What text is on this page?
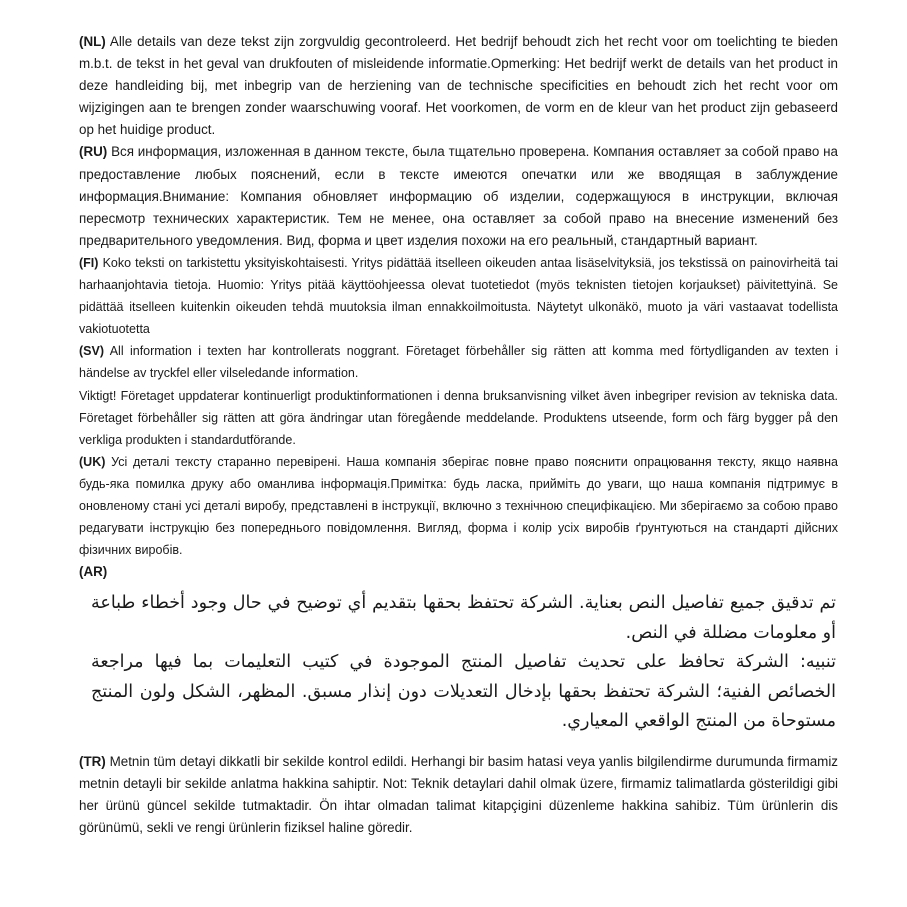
(NL) Alle details van deze tekst zijn zorgvuldig gecontroleerd. Het bedrijf behoudt zich het recht voor om toelichting te bieden m.b.t. de tekst in het geval van drukfouten of misleidende informatie.Opmerking: Het bedrijf werkt de details van het product in deze handleiding bij, met inbegrip van de herziening van de technische specificities en behoudt zich het recht voor om wijzigingen aan te brengen zonder waarschuwing vooraf. Het voorkomen, de vorm en de kleur van het product zijn gebaseerd op het huidige product.

(RU) Вся информация, изложенная в данном тексте, была тщательно проверена. Компания оставляет за собой право на предоставление любых пояснений, если в тексте имеются опечатки или же вводящая в заблуждение информация.Внимание: Компания обновляет информацию об изделии, содержащуюся в инструкции, включая пересмотр технических характеристик. Тем не менее, она оставляет за собой право на внесение изменений без предварительного уведомления. Вид, форма и цвет изделия похожи на его реальный, стандартный вариант.

(FI) Koko teksti on tarkistettu yksityiskohtaisesti. Yritys pidättää itselleen oikeuden antaa lisäselvityksiä, jos tekstissä on painovirheitä tai harhaanjohtavia tietoja. Huomio: Yritys pitää käyttöohjeessa olevat tuotetiedot (myös teknisten tietojen korjaukset) päivitettyinä. Se pidättää itselleen kuitenkin oikeuden tehdä muutoksia ilman ennakkoilmoitusta. Näytetyt ulkonäkö, muoto ja väri vastaavat todellista vakiotuotetta

(SV) All information i texten har kontrollerats noggrant. Företaget förbehåller sig rätten att komma med förtydliganden av texten i händelse av tryckfel eller vilseledande information.

Viktigt! Företaget uppdaterar kontinuerligt produktinformationen i denna bruksanvisning vilket även inbegriper revision av tekniska data. Företaget förbehåller sig rätten att göra ändringar utan föregående meddelande. Produktens utseende, form och färg bygger på den verkliga produkten i standardutförande.

(UK) Усі деталі тексту старанно перевірені. Наша компанія зберігає повне право пояснити опрацювання тексту, якщо наявна будь-яка помилка друку або оманлива інформація.Примітка: будь ласка, прийміть до уваги, що наша компанія підтримує в оновленому стані усі деталі виробу, представлені в інструкції, включно з технічною специфікацією. Ми зберігаємо за собою право редагувати інструкцію без попереднього повідомлення. Вигляд, форма і колір усіх виробів ґрунтуються на стандарті дійсних фізичних виробів.

(AR)

تم تدقيق جميع تفاصيل النص بعناية. الشركة تحتفظ بحقها بتقديم أي توضيح في حال وجود أخطاء طباعة أو معلومات مضللة في النص.

تنبيه: الشركة تحافظ على تحديث تفاصيل المنتج الموجودة في كتيب التعليمات بما فيها مراجعة الخصائص الفنية؛ الشركة تحتفظ بحقها بإدخال التعديلات دون إنذار مسبق. المظهر، الشكل ولون المنتج مستوحاة من المنتج الواقعي المعياري.

(TR) Metnin tüm detayi dikkatli bir sekilde kontrol edildi. Herhangi bir basim hatasi veya yanlis bilgilendirme durumunda firmamiz metnin detayli bir sekilde anlatma hakkina sahiptir. Not: Teknik detaylari dahil olmak üzere, firmamiz talimatlarda gösterildigi gibi her ürünü güncel sekilde tutmaktadir. Ön ihtar olmadan talimat kitapçigini düzenleme hakkina sahibiz. Tüm ürünlerin dis görünümü, sekli ve rengi ürünlerin fiziksel haline göredir.
